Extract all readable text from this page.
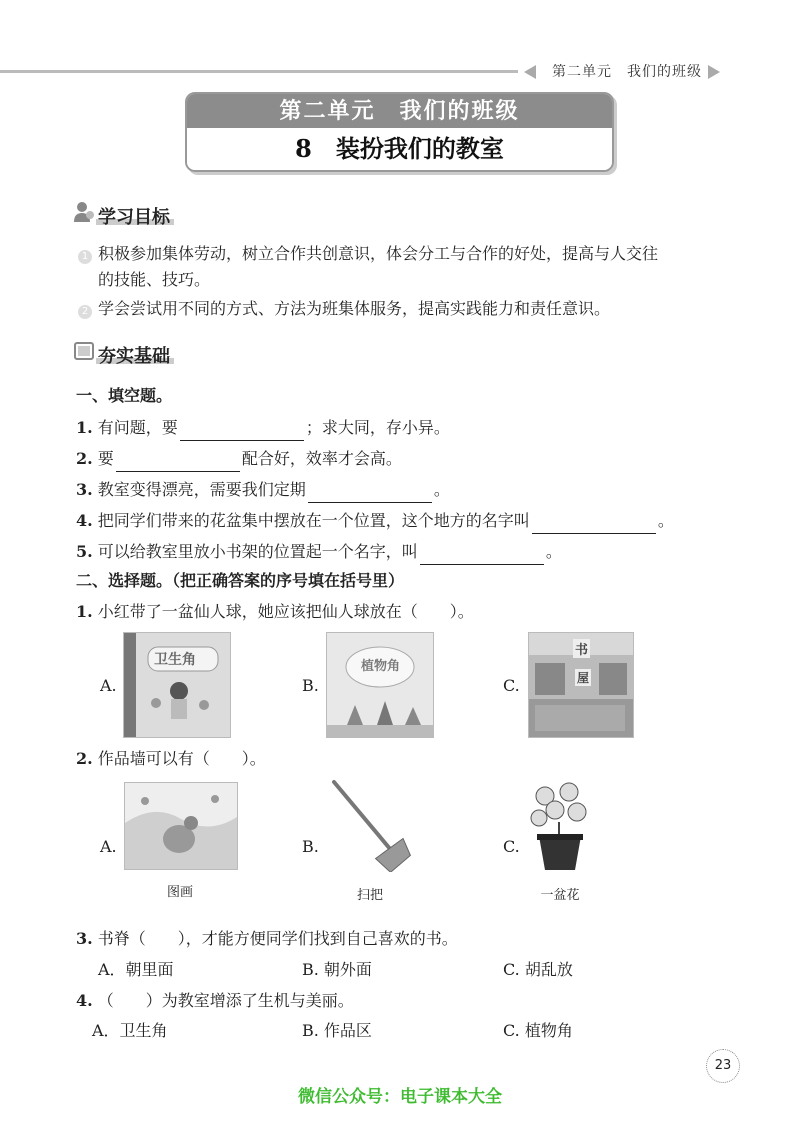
第二单元　我们的班级
第二单元　我们的班级
8　装扮我们的教室
学习目标
1 积极参加集体劳动，树立合作共创意识，体会分工与合作的好处，提高与人交往
的技能、技巧。
2 学会尝试用不同的方式、方法为班集体服务，提高实践能力和责任意识。
夯实基础
一、填空题。
1. 有问题，要	；求大同，存小异。
2. 要	配合好，效率才会高。
3. 教室变得漂亮，需要我们定期	。
4. 把同学们带来的花盆集中摆放在一个位置，这个地方的名字叫	。
5. 可以给教室里放小书架的位置起一个名字，叫	。
二、选择题。（把正确答案的序号填在括号里）
1. 小红带了一盆仙人球，她应该把仙人球放在（　　）。
A.
卫生角
B.
植物角
C.
书
屋
2. 作品墙可以有（　　）。
A.
图画
B.
扫把
C.
一盆花
3. 书脊（　　），才能方便同学们找到自己喜欢的书。
A．朝里面	B. 朝外面	C. 胡乱放
4. （　　）为教室增添了生机与美丽。
A．卫生角	B. 作品区	C. 植物角
23
微信公众号：电子课本大全
